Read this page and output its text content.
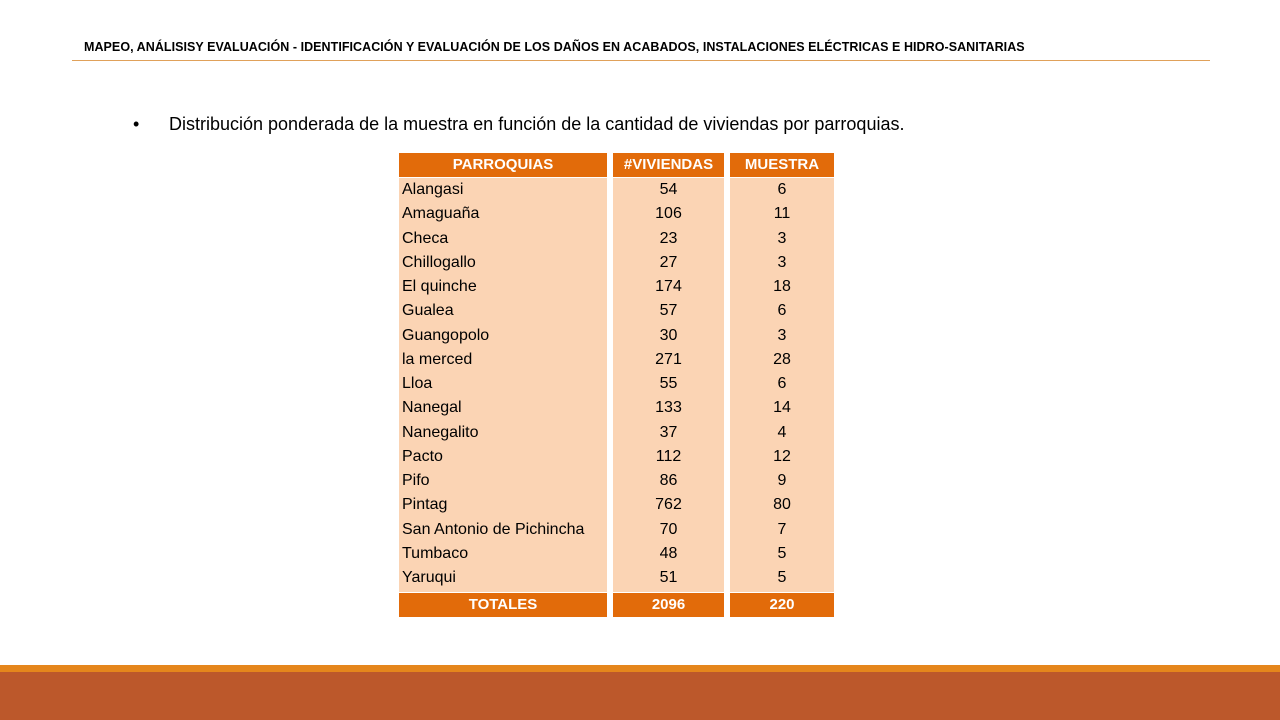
MAPEO, ANÁLISISY EVALUACIÓN - IDENTIFICACIÓN Y EVALUACIÓN DE LOS DAÑOS EN ACABADOS, INSTALACIONES ELÉCTRICAS E HIDRO-SANITARIAS
• Distribución ponderada de la muestra en función de la cantidad de viviendas por parroquias.
PARROQUIAS
Alangasi
Amaguaña
Checa
Chillogallo
El quinche
Gualea
Guangopolo
la merced
Lloa
Nanegal
Nanegalito
Pacto
Pifo
Pintag
San Antonio de Pichincha
Tumbaco
Yaruqui
TOTALES
#VIVIENDAS
54
106
23
27
174
57
30
271
55
133
37
112
86
762
70
48
51
2096
MUESTRA
6
11
3
3
18
6
3
28
6
14
4
12
9
80
7
5
5
220
